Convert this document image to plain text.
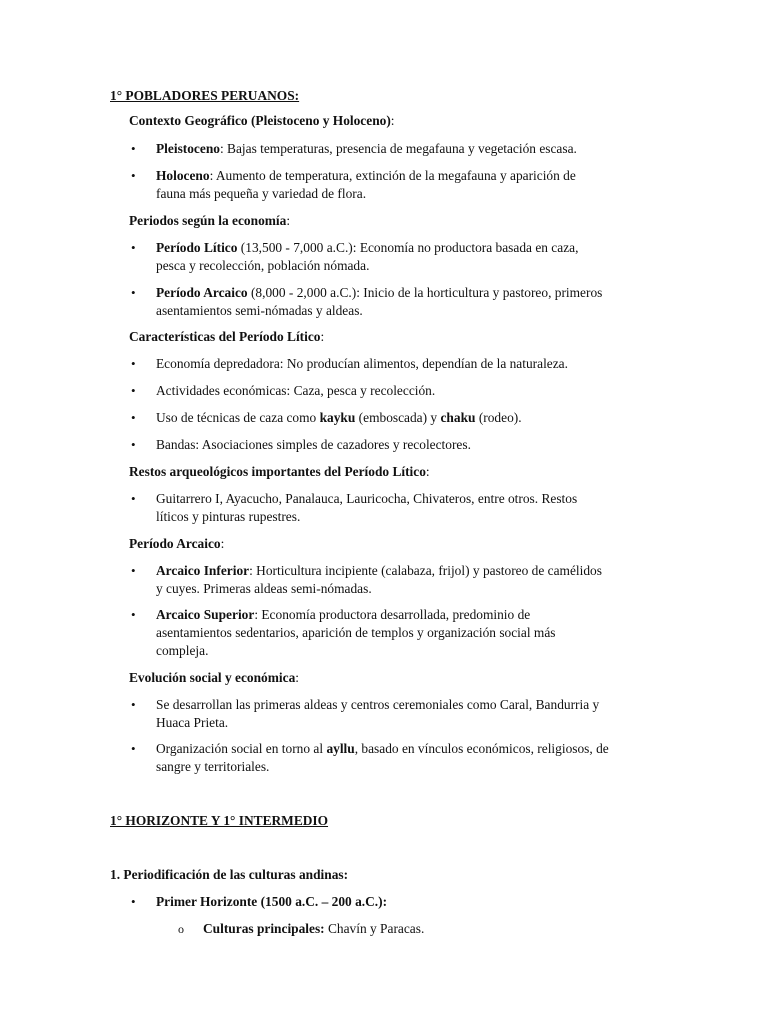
1° POBLADORES PERUANOS:
Contexto Geográfico (Pleistoceno y Holoceno):
• Pleistoceno: Bajas temperaturas, presencia de megafauna y vegetación escasa.
• Holoceno: Aumento de temperatura, extinción de la megafauna y aparición de
fauna más pequeña y variedad de flora.
Periodos según la economía:
• Período Lítico (13,500 - 7,000 a.C.): Economía no productora basada en caza,
pesca y recolección, población nómada.
• Período Arcaico (8,000 - 2,000 a.C.): Inicio de la horticultura y pastoreo, primeros
asentamientos semi-nómadas y aldeas.
Características del Período Lítico:
• Economía depredadora: No producían alimentos, dependían de la naturaleza.
• Actividades económicas: Caza, pesca y recolección.
• Uso de técnicas de caza como kayku (emboscada) y chaku (rodeo).
• Bandas: Asociaciones simples de cazadores y recolectores.
Restos arqueológicos importantes del Período Lítico:
• Guitarrero I, Ayacucho, Panalauca, Lauricocha, Chivateros, entre otros. Restos
líticos y pinturas rupestres.
Período Arcaico:
• Arcaico Inferior: Horticultura incipiente (calabaza, frijol) y pastoreo de camélidos
y cuyes. Primeras aldeas semi-nómadas.
• Arcaico Superior: Economía productora desarrollada, predominio de
asentamientos sedentarios, aparición de templos y organización social más
compleja.
Evolución social y económica:
• Se desarrollan las primeras aldeas y centros ceremoniales como Caral, Bandurria y
Huaca Prieta.
• Organización social en torno al ayllu, basado en vínculos económicos, religiosos, de
sangre y territoriales.
1° HORIZONTE Y 1° INTERMEDIO
1. Periodificación de las culturas andinas:
• Primer Horizonte (1500 a.C. – 200 a.C.):
o Culturas principales: Chavín y Paracas.
